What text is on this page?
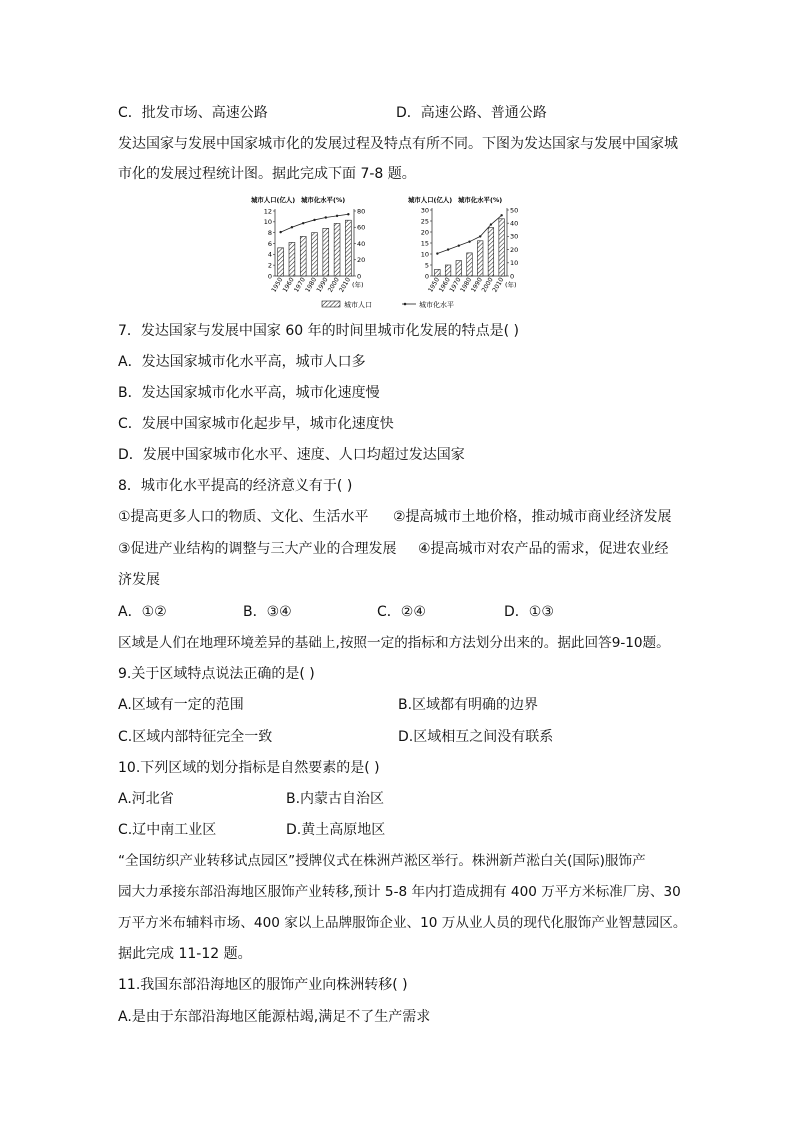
C．批发市场、高速公路	D．高速公路、普通公路
发达国家与发展中国家城市化的发展过程及特点有所不同。下图为发达国家与发展中国家城
市化的发展过程统计图。据此完成下面 7-8 题。
城市人口(亿人) 城市化水平(%)
0
2
4
6
8
10
12
0
20
40
60
80
1950
1960
1970
1980
1990
2000
2010 (年)
城市人口(亿人) 城市化水平(%)
0
5
10
15
20
25
30
0
10
20
30
40
50
1950
1960
1970
1980
1990
2000
2010 (年)
城市人口	城市化水平
7．发达国家与发展中国家 60 年的时间里城市化发展的特点是( )
A．发达国家城市化水平高，城市人口多
B．发达国家城市化水平高，城市化速度慢
C．发展中国家城市化起步早，城市化速度快
D．发展中国家城市化水平、速度、人口均超过发达国家
8．城市化水平提高的经济意义有于( )
①提高更多人口的物质、文化、生活水平 ②提高城市土地价格，推动城市商业经济发展
③促进产业结构的调整与三大产业的合理发展 ④提高城市对农产品的需求，促进农业经
济发展
A．①②	B．③④	C．②④	D．①③
区域是人们在地理环境差异的基础上,按照一定的指标和方法划分出来的。据此回答9-10题。
9.关于区域特点说法正确的是( )
A.区域有一定的范围	B.区域都有明确的边界
C.区域内部特征完全一致	D.区域相互之间没有联系
10.下列区域的划分指标是自然要素的是( )
A.河北省	B.内蒙古自治区
C.辽中南工业区	D.黄土高原地区
“全国纺织产业转移试点园区”授牌仪式在株洲芦淞区举行。株洲新芦淞白关(国际)服饰产
园大力承接东部沿海地区服饰产业转移,预计 5-8 年内打造成拥有 400 万平方米标准厂房、30
万平方米布辅料市场、400 家以上品牌服饰企业、10 万从业人员的现代化服饰产业智慧园区。
据此完成 11-12 题。
11.我国东部沿海地区的服饰产业向株洲转移( )
A.是由于东部沿海地区能源枯竭,满足不了生产需求
